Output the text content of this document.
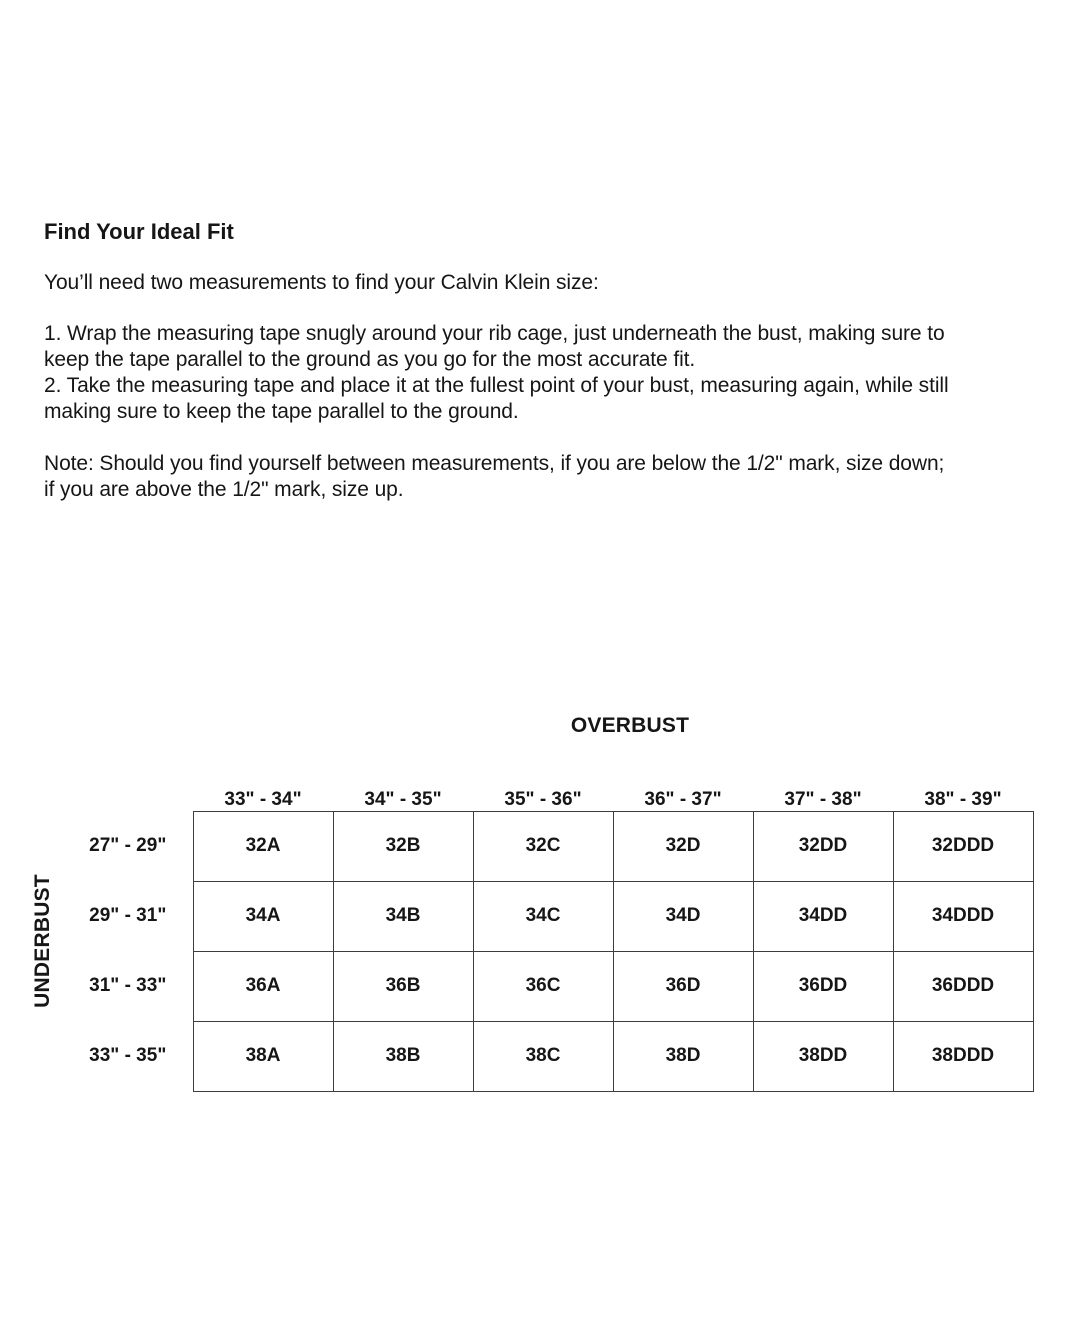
Find Your Ideal Fit

You’ll need two measurements to find your Calvin Klein size:

1. Wrap the measuring tape snugly around your rib cage, just underneath the bust, making sure to
keep the tape parallel to the ground as you go for the most accurate fit.
2. Take the measuring tape and place it at the fullest point of your bust, measuring again, while still
making sure to keep the tape parallel to the ground.

Note: Should you find yourself between measurements, if you are below the 1/2" mark, size down;
if you are above the 1/2" mark, size up.

OVERBUST
UNDERBUST
	33" - 34"	34" - 35"	35" - 36"	36" - 37"	37" - 38"	38" - 39"
27" - 29"	32A	32B	32C	32D	32DD	32DDD
29" - 31"	34A	34B	34C	34D	34DD	34DDD
31" - 33"	36A	36B	36C	36D	36DD	36DDD
33" - 35"	38A	38B	38C	38D	38DD	38DDD
